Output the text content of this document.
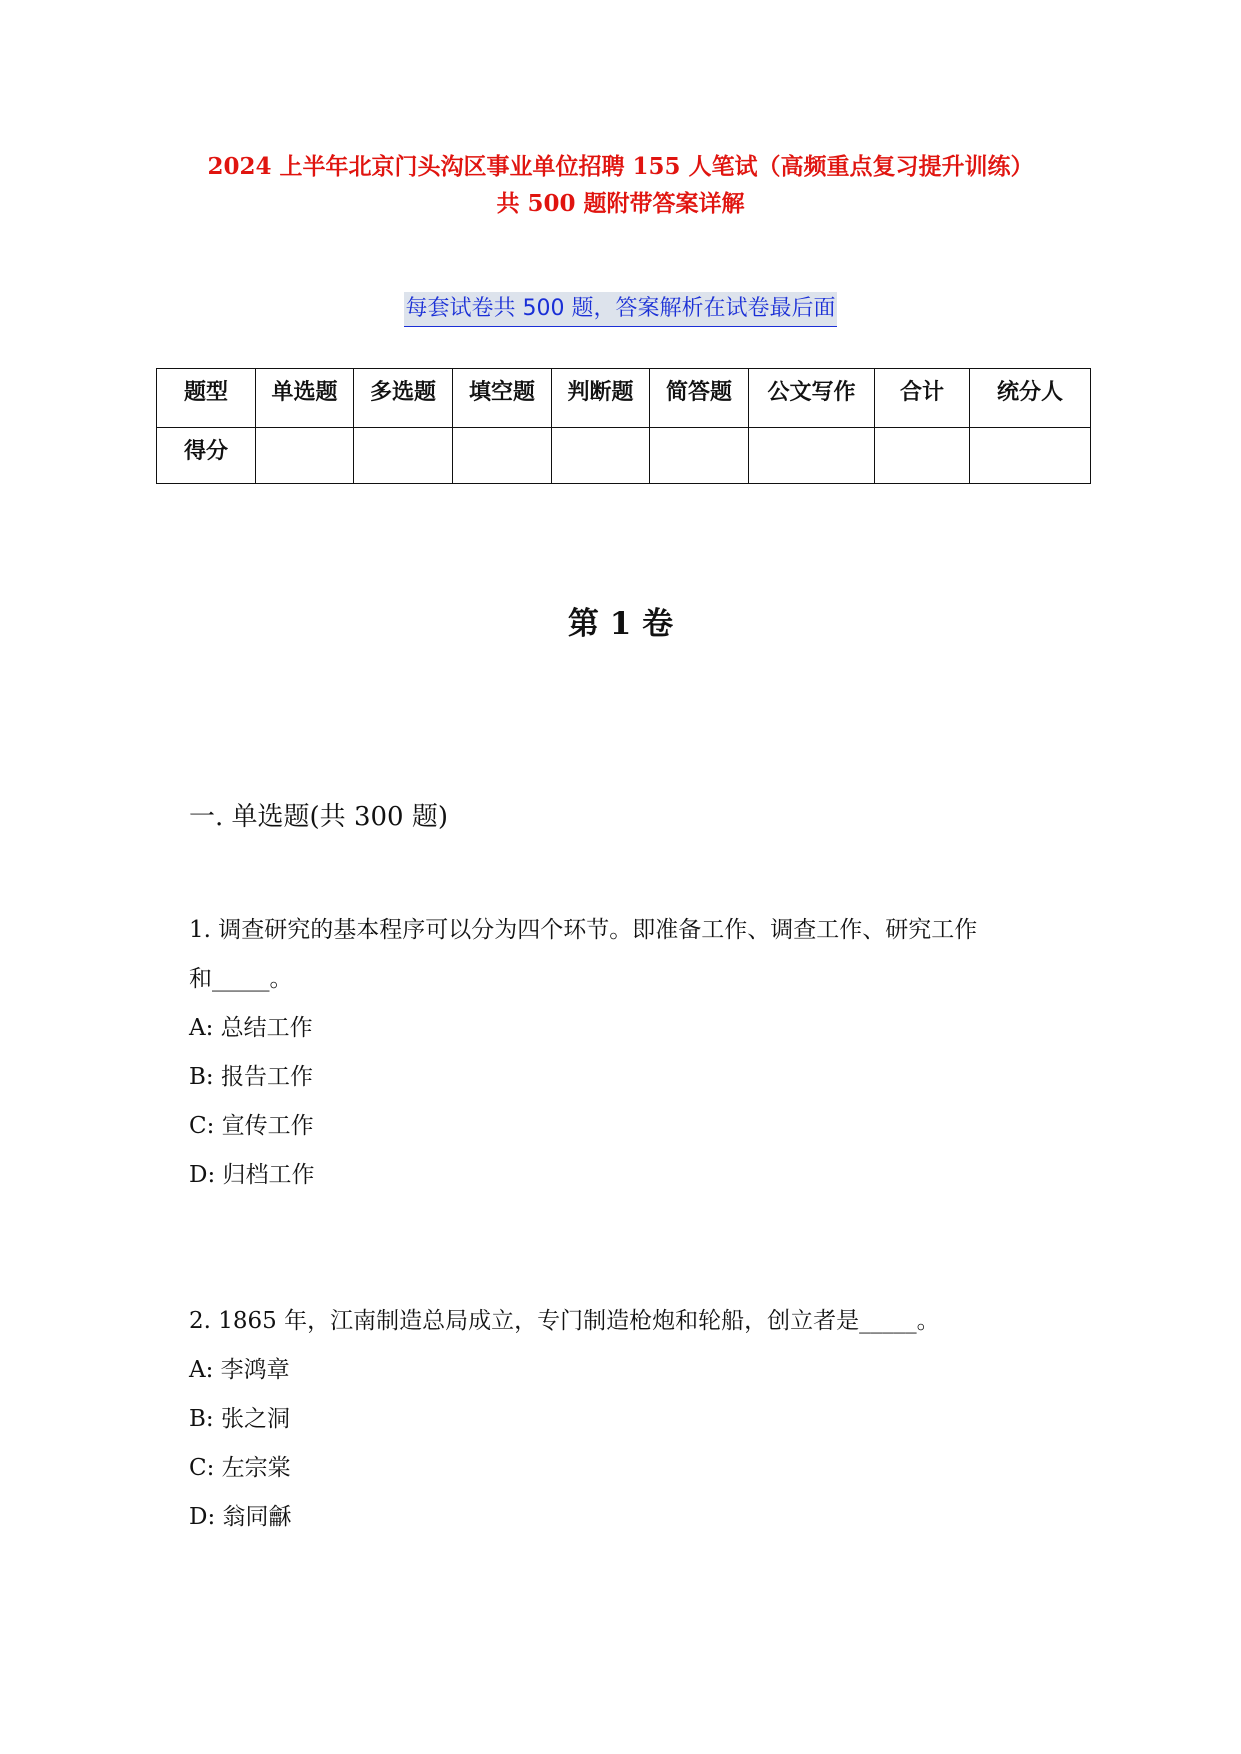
2024 上半年北京门头沟区事业单位招聘 155 人笔试（高频重点复习提升训练）
共 500 题附带答案详解
每套试卷共 500 题，答案解析在试卷最后面
题型	单选题	多选题	填空题	判断题	简答题	公文写作	合计	统分人
得分								
第 1 卷
一. 单选题(共 300 题)
1. 调查研究的基本程序可以分为四个环节。即准备工作、调查工作、研究工作
和_____。
A: 总结工作
B: 报告工作
C: 宣传工作
D: 归档工作
2. 1865 年，江南制造总局成立，专门制造枪炮和轮船，创立者是_____。
A: 李鸿章
B: 张之洞
C: 左宗棠
D: 翁同龢
